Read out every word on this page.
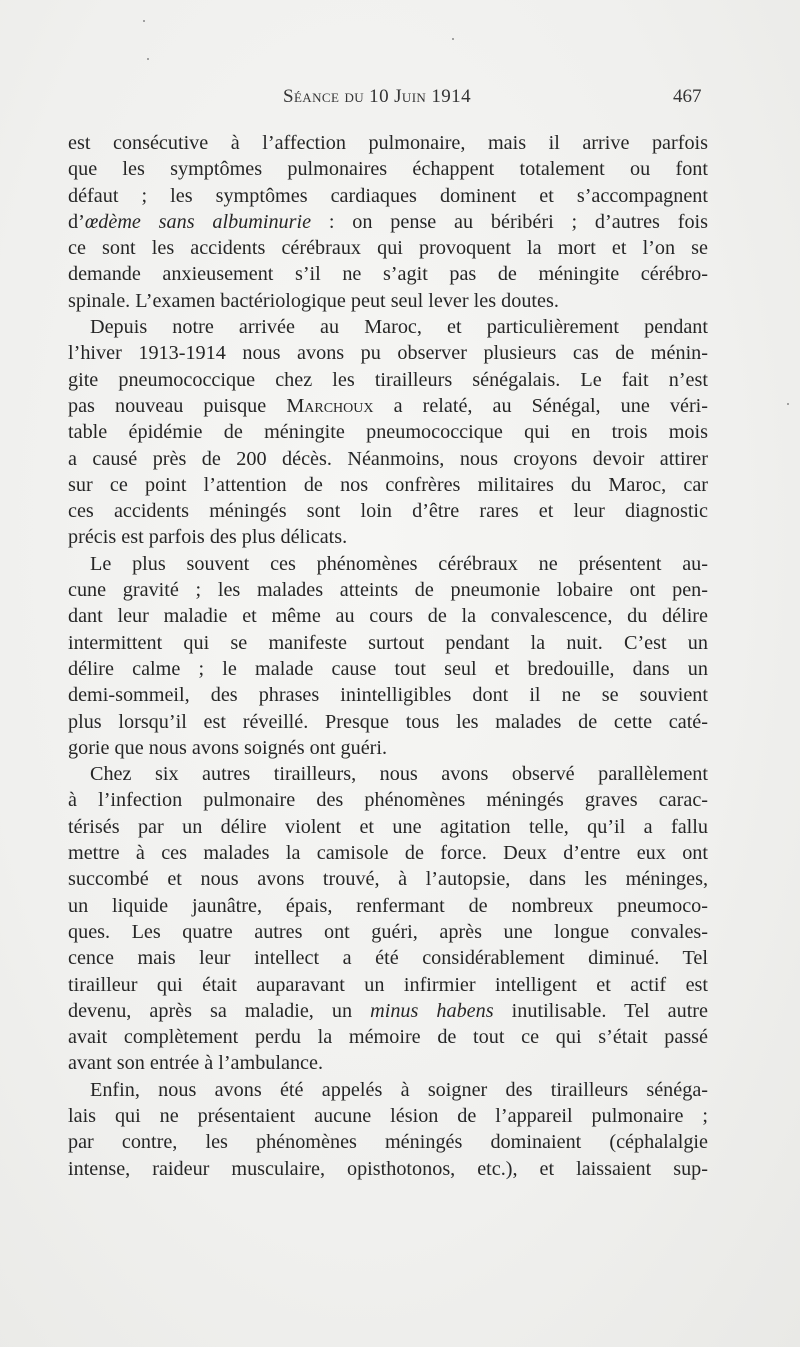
Séance du 10 Juin 1914	467
est consécutive à l’affection pulmonaire, mais il arrive parfois
que les symptômes pulmonaires échappent totalement ou font
défaut ; les symptômes cardiaques dominent et s’accompagnent
d’œdème sans albuminurie : on pense au béribéri ; d’autres fois
ce sont les accidents cérébraux qui provoquent la mort et l’on se
demande anxieusement s’il ne s’agit pas de méningite cérébro-
spinale. L’examen bactériologique peut seul lever les doutes.
Depuis notre arrivée au Maroc, et particulièrement pendant
l’hiver 1913-1914 nous avons pu observer plusieurs cas de ménin-
gite pneumococcique chez les tirailleurs sénégalais. Le fait n’est
pas nouveau puisque Marchoux a relaté, au Sénégal, une véri-
table épidémie de méningite pneumococcique qui en trois mois
a causé près de 200 décès. Néanmoins, nous croyons devoir attirer
sur ce point l’attention de nos confrères militaires du Maroc, car
ces accidents méningés sont loin d’être rares et leur diagnostic
précis est parfois des plus délicats.
Le plus souvent ces phénomènes cérébraux ne présentent au-
cune gravité ; les malades atteints de pneumonie lobaire ont pen-
dant leur maladie et même au cours de la convalescence, du délire
intermittent qui se manifeste surtout pendant la nuit. C’est un
délire calme ; le malade cause tout seul et bredouille, dans un
demi-sommeil, des phrases inintelligibles dont il ne se souvient
plus lorsqu’il est réveillé. Presque tous les malades de cette caté-
gorie que nous avons soignés ont guéri.
Chez six autres tirailleurs, nous avons observé parallèlement
à l’infection pulmonaire des phénomènes méningés graves carac-
térisés par un délire violent et une agitation telle, qu’il a fallu
mettre à ces malades la camisole de force. Deux d’entre eux ont
succombé et nous avons trouvé, à l’autopsie, dans les méninges,
un liquide jaunâtre, épais, renfermant de nombreux pneumoco-
ques. Les quatre autres ont guéri, après une longue convales-
cence mais leur intellect a été considérablement diminué. Tel
tirailleur qui était auparavant un infirmier intelligent et actif est
devenu, après sa maladie, un minus habens inutilisable. Tel autre
avait complètement perdu la mémoire de tout ce qui s’était passé
avant son entrée à l’ambulance.
Enfin, nous avons été appelés à soigner des tirailleurs sénéga-
lais qui ne présentaient aucune lésion de l’appareil pulmonaire ;
par contre, les phénomènes méningés dominaient (céphalalgie
intense, raideur musculaire, opisthotonos, etc.), et laissaient sup-
